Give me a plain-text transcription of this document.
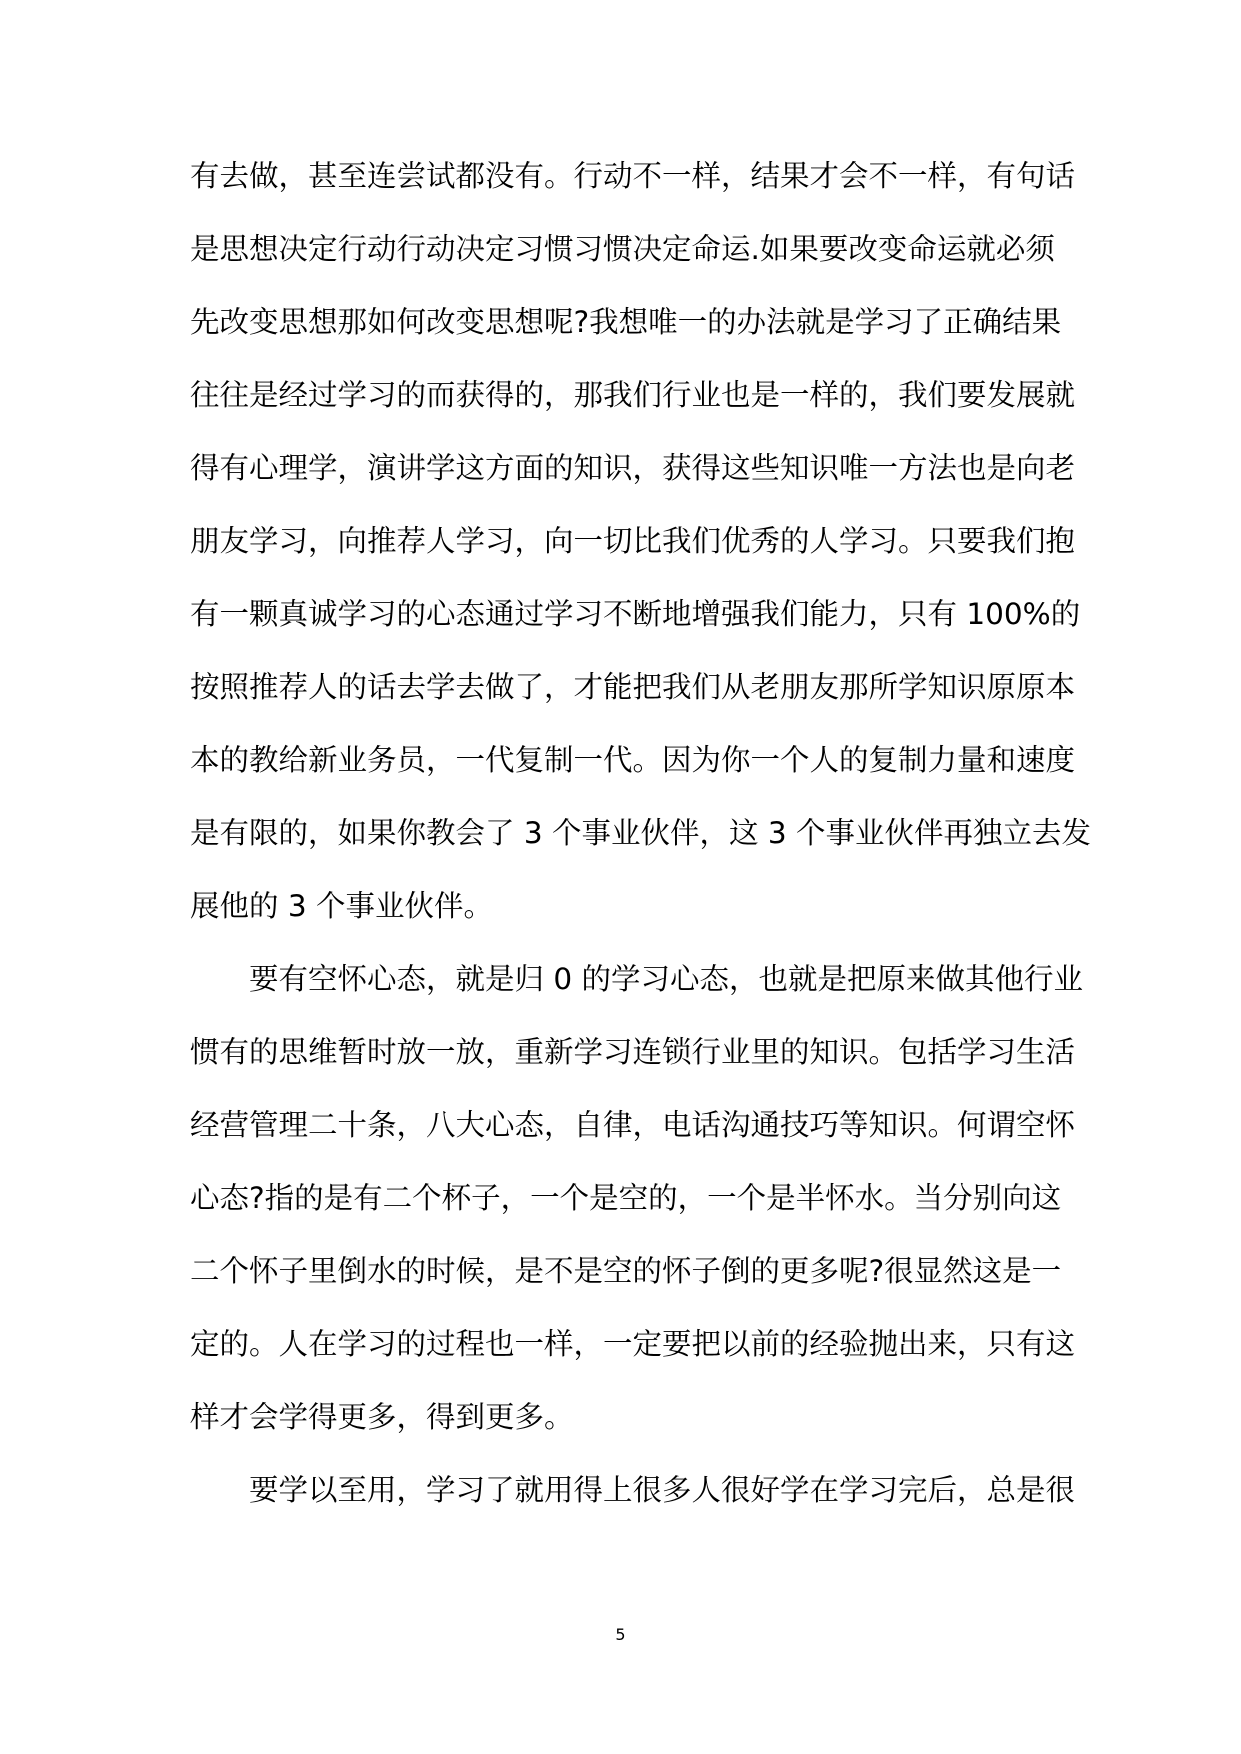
有去做，甚至连尝试都没有。行动不一样，结果才会不一样，有句话
是思想决定行动行动决定习惯习惯决定命运.如果要改变命运就必须
先改变思想那如何改变思想呢?我想唯一的办法就是学习了正确结果
往往是经过学习的而获得的，那我们行业也是一样的，我们要发展就
得有心理学，演讲学这方面的知识，获得这些知识唯一方法也是向老
朋友学习，向推荐人学习，向一切比我们优秀的人学习。只要我们抱
有一颗真诚学习的心态通过学习不断地增强我们能力，只有 100%的
按照推荐人的话去学去做了，才能把我们从老朋友那所学知识原原本
本的教给新业务员，一代复制一代。因为你一个人的复制力量和速度
是有限的，如果你教会了 3 个事业伙伴，这 3 个事业伙伴再独立去发
展他的 3 个事业伙伴。
要有空怀心态，就是归 0 的学习心态，也就是把原来做其他行业
惯有的思维暂时放一放，重新学习连锁行业里的知识。包括学习生活
经营管理二十条，八大心态，自律，电话沟通技巧等知识。何谓空怀
心态?指的是有二个杯子，一个是空的，一个是半怀水。当分别向这
二个怀子里倒水的时候，是不是空的怀子倒的更多呢?很显然这是一
定的。人在学习的过程也一样，一定要把以前的经验抛出来，只有这
样才会学得更多，得到更多。
要学以至用，学习了就用得上很多人很好学在学习完后，总是很
5
